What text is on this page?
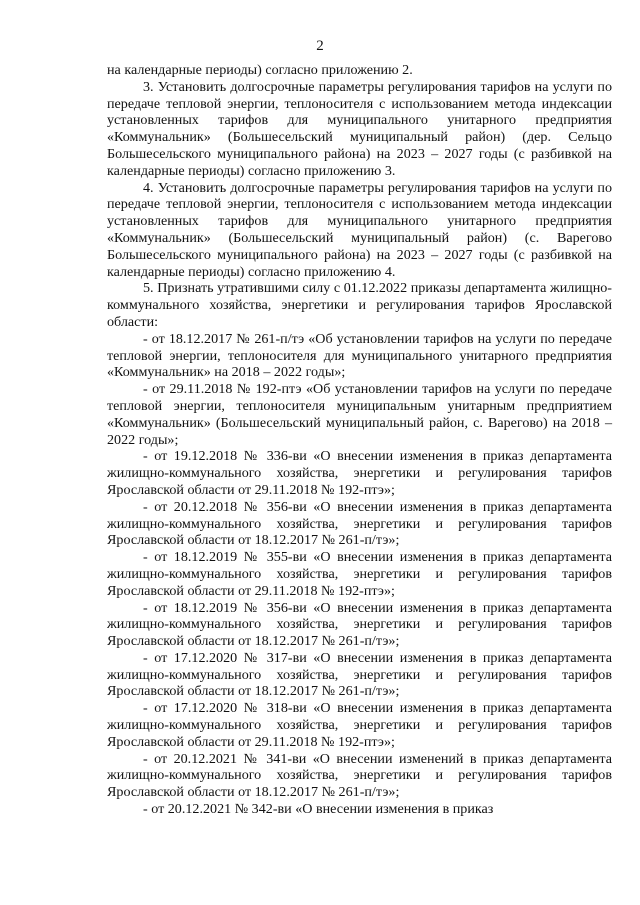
2

на календарные периоды) согласно приложению 2.

3. Установить долгосрочные параметры регулирования тарифов на услуги по передаче тепловой энергии, теплоносителя с использованием метода индексации установленных тарифов для муниципального унитарного предприятия «Коммунальник» (Большесельский муниципальный район) (дер. Сельцо Большесельского муниципального района) на 2023 – 2027 годы (с разбивкой на календарные периоды) согласно приложению 3.

4. Установить долгосрочные параметры регулирования тарифов на услуги по передаче тепловой энергии, теплоносителя с использованием метода индексации установленных тарифов для муниципального унитарного предприятия «Коммунальник» (Большесельский муниципальный район) (с. Варегово Большесельского муниципального района) на 2023 – 2027 годы (с разбивкой на календарные периоды) согласно приложению 4.

5. Признать утратившими силу с 01.12.2022 приказы департамента жилищно-коммунального хозяйства, энергетики и регулирования тарифов Ярославской области:

- от 18.12.2017 № 261-п/тэ «Об установлении тарифов на услуги по передаче тепловой энергии, теплоносителя для муниципального унитарного предприятия «Коммунальник» на 2018 – 2022 годы»;

- от 29.11.2018 № 192-птэ «Об установлении тарифов на услуги по передаче тепловой энергии, теплоносителя муниципальным унитарным предприятием «Коммунальник» (Большесельский муниципальный район, с. Варегово) на 2018 – 2022 годы»;

- от 19.12.2018 № 336-ви «О внесении изменения в приказ департамента жилищно-коммунального хозяйства, энергетики и регулирования тарифов Ярославской области от 29.11.2018 № 192-птэ»;

- от 20.12.2018 № 356-ви «О внесении изменения в приказ департамента жилищно-коммунального хозяйства, энергетики и регулирования тарифов Ярославской области от 18.12.2017 № 261-п/тэ»;

- от 18.12.2019 № 355-ви «О внесении изменения в приказ департамента жилищно-коммунального хозяйства, энергетики и регулирования тарифов Ярославской области от 29.11.2018 № 192-птэ»;

- от 18.12.2019 № 356-ви «О внесении изменения в приказ департамента жилищно-коммунального хозяйства, энергетики и регулирования тарифов Ярославской области от 18.12.2017 № 261-п/тэ»;

- от 17.12.2020 № 317-ви «О внесении изменения в приказ департамента жилищно-коммунального хозяйства, энергетики и регулирования тарифов Ярославской области от 18.12.2017 № 261-п/тэ»;

- от 17.12.2020 № 318-ви «О внесении изменения в приказ департамента жилищно-коммунального хозяйства, энергетики и регулирования тарифов Ярославской области от 29.11.2018 № 192-птэ»;

- от 20.12.2021 № 341-ви «О внесении изменений в приказ департамента жилищно-коммунального хозяйства, энергетики и регулирования тарифов Ярославской области от 18.12.2017 № 261-п/тэ»;

- от 20.12.2021 № 342-ви «О внесении изменения в приказ
